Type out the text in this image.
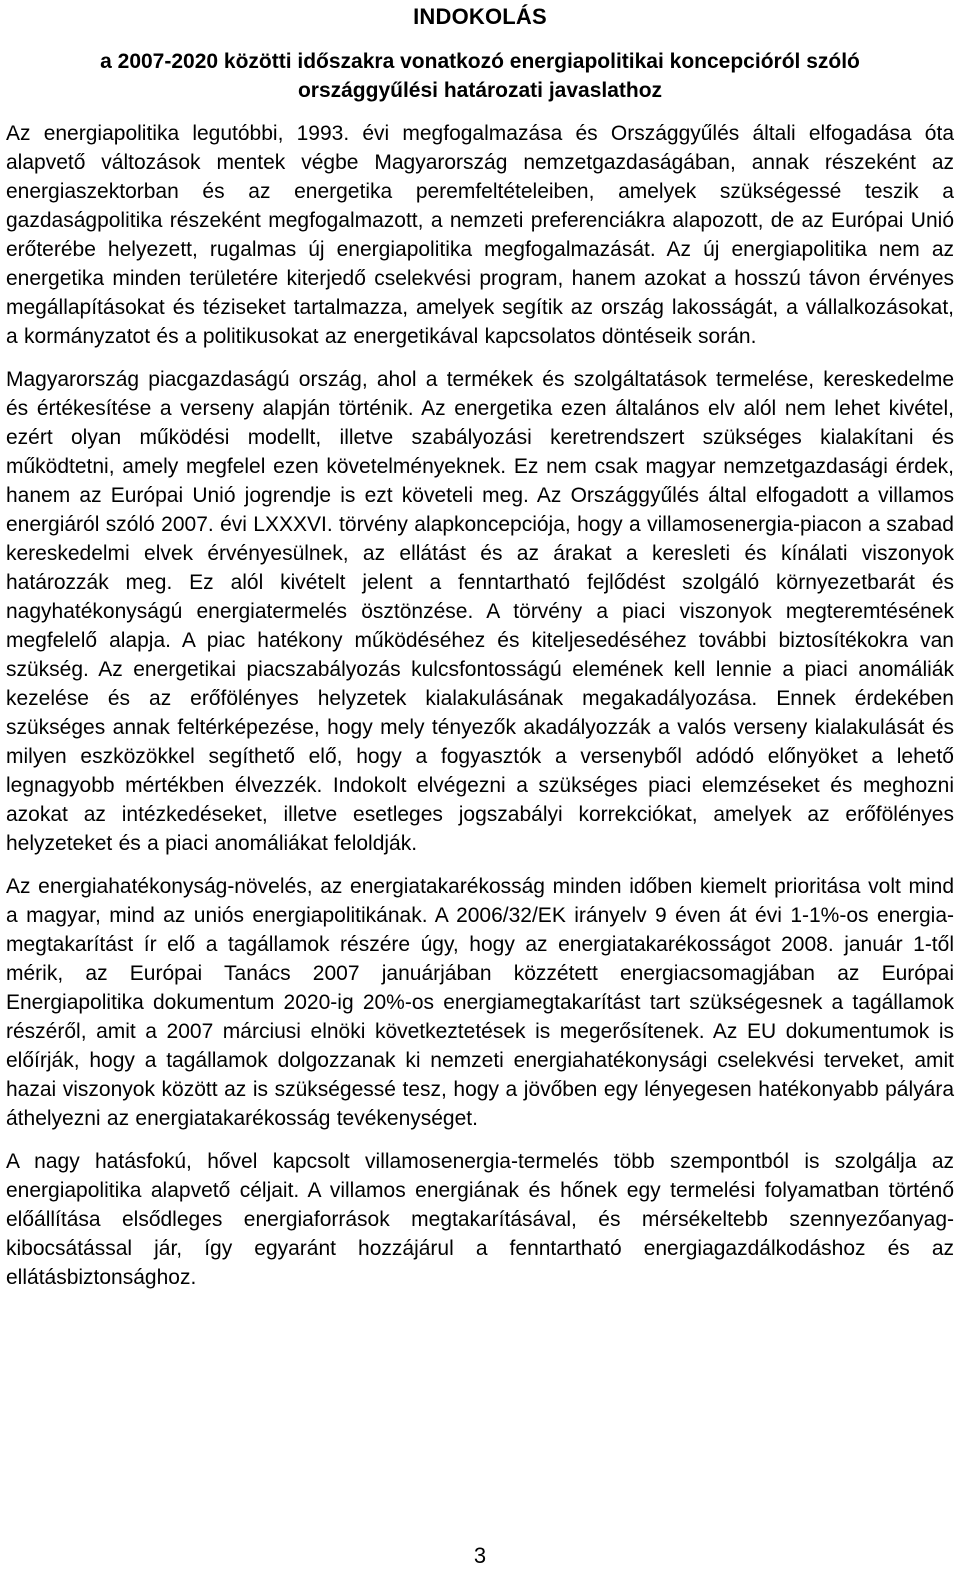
INDOKOLÁS
a 2007-2020 közötti időszakra vonatkozó energiapolitikai koncepcióról szóló országgyűlési határozati javaslathoz

Az energiapolitika legutóbbi, 1993. évi megfogalmazása és Országgyűlés általi elfogadása óta alapvető változások mentek végbe Magyarország nemzetgazdaságában, annak részeként az energiaszektorban és az energetika peremfeltételeiben, amelyek szükségessé teszik a gazdaságpolitika részeként megfogalmazott, a nemzeti preferenciákra alapozott, de az Európai Unió erőterébe helyezett, rugalmas új energiapolitika megfogalmazását. Az új energiapolitika nem az energetika minden területére kiterjedő cselekvési program, hanem azokat a hosszú távon érvényes megállapításokat és téziseket tartalmazza, amelyek segítik az ország lakosságát, a vállalkozásokat, a kormányzatot és a politikusokat az energetikával kapcsolatos döntéseik során.

Magyarország piacgazdaságú ország, ahol a termékek és szolgáltatások termelése, kereskedelme és értékesítése a verseny alapján történik. Az energetika ezen általános elv alól nem lehet kivétel, ezért olyan működési modellt, illetve szabályozási keretrendszert szükséges kialakítani és működtetni, amely megfelel ezen követelményeknek. Ez nem csak magyar nemzetgazdasági érdek, hanem az Európai Unió jogrendje is ezt követeli meg. Az Országgyűlés által elfogadott a villamos energiáról szóló 2007. évi LXXXVI. törvény alapkoncepciója, hogy a villamosenergia-piacon a szabad kereskedelmi elvek érvényesülnek, az ellátást és az árakat a keresleti és kínálati viszonyok határozzák meg. Ez alól kivételt jelent a fenntartható fejlődést szolgáló környezetbarát és nagyhatékonyságú energiatermelés ösztönzése. A törvény a piaci viszonyok megteremtésének megfelelő alapja. A piac hatékony működéséhez és kiteljesedéséhez további biztosítékokra van szükség. Az energetikai piacszabályozás kulcsfontosságú elemének kell lennie a piaci anomáliák kezelése és az erőfölényes helyzetek kialakulásának megakadályozása. Ennek érdekében szükséges annak feltérképezése, hogy mely tényezők akadályozzák a valós verseny kialakulását és milyen eszközökkel segíthető elő, hogy a fogyasztók a versenyből adódó előnyöket a lehető legnagyobb mértékben élvezzék. Indokolt elvégezni a szükséges piaci elemzéseket és meghozni azokat az intézkedéseket, illetve esetleges jogszabályi korrekciókat, amelyek az erőfölényes helyzeteket és a piaci anomáliákat feloldják.

Az energiahatékonyság-növelés, az energiatakarékosság minden időben kiemelt prioritása volt mind a magyar, mind az uniós energiapolitikának. A 2006/32/EK irányelv 9 éven át évi 1-1%-os energia-megtakarítást ír elő a tagállamok részére úgy, hogy az energiatakarékosságot 2008. január 1-től mérik, az Európai Tanács 2007 januárjában közzétett energiacsomagjában az Európai Energiapolitika dokumentum 2020-ig 20%-os energiamegtakarítást tart szükségesnek a tagállamok részéről, amit a 2007 márciusi elnöki következtetések is megerősítenek. Az EU dokumentumok is előírják, hogy a tagállamok dolgozzanak ki nemzeti energiahatékonysági cselekvési terveket, amit hazai viszonyok között az is szükségessé tesz, hogy a jövőben egy lényegesen hatékonyabb pályára áthelyezni az energiatakarékosság tevékenységet.

A nagy hatásfokú, hővel kapcsolt villamosenergia-termelés több szempontból is szolgálja az energiapolitika alapvető céljait. A villamos energiának és hőnek egy termelési folyamatban történő előállítása elsődleges energiaforrások megtakarításával, és mérsékeltebb szennyezőanyag-kibocsátással jár, így egyaránt hozzájárul a fenntartható energiagazdálkodáshoz és az ellátásbiztonsághoz.

3
